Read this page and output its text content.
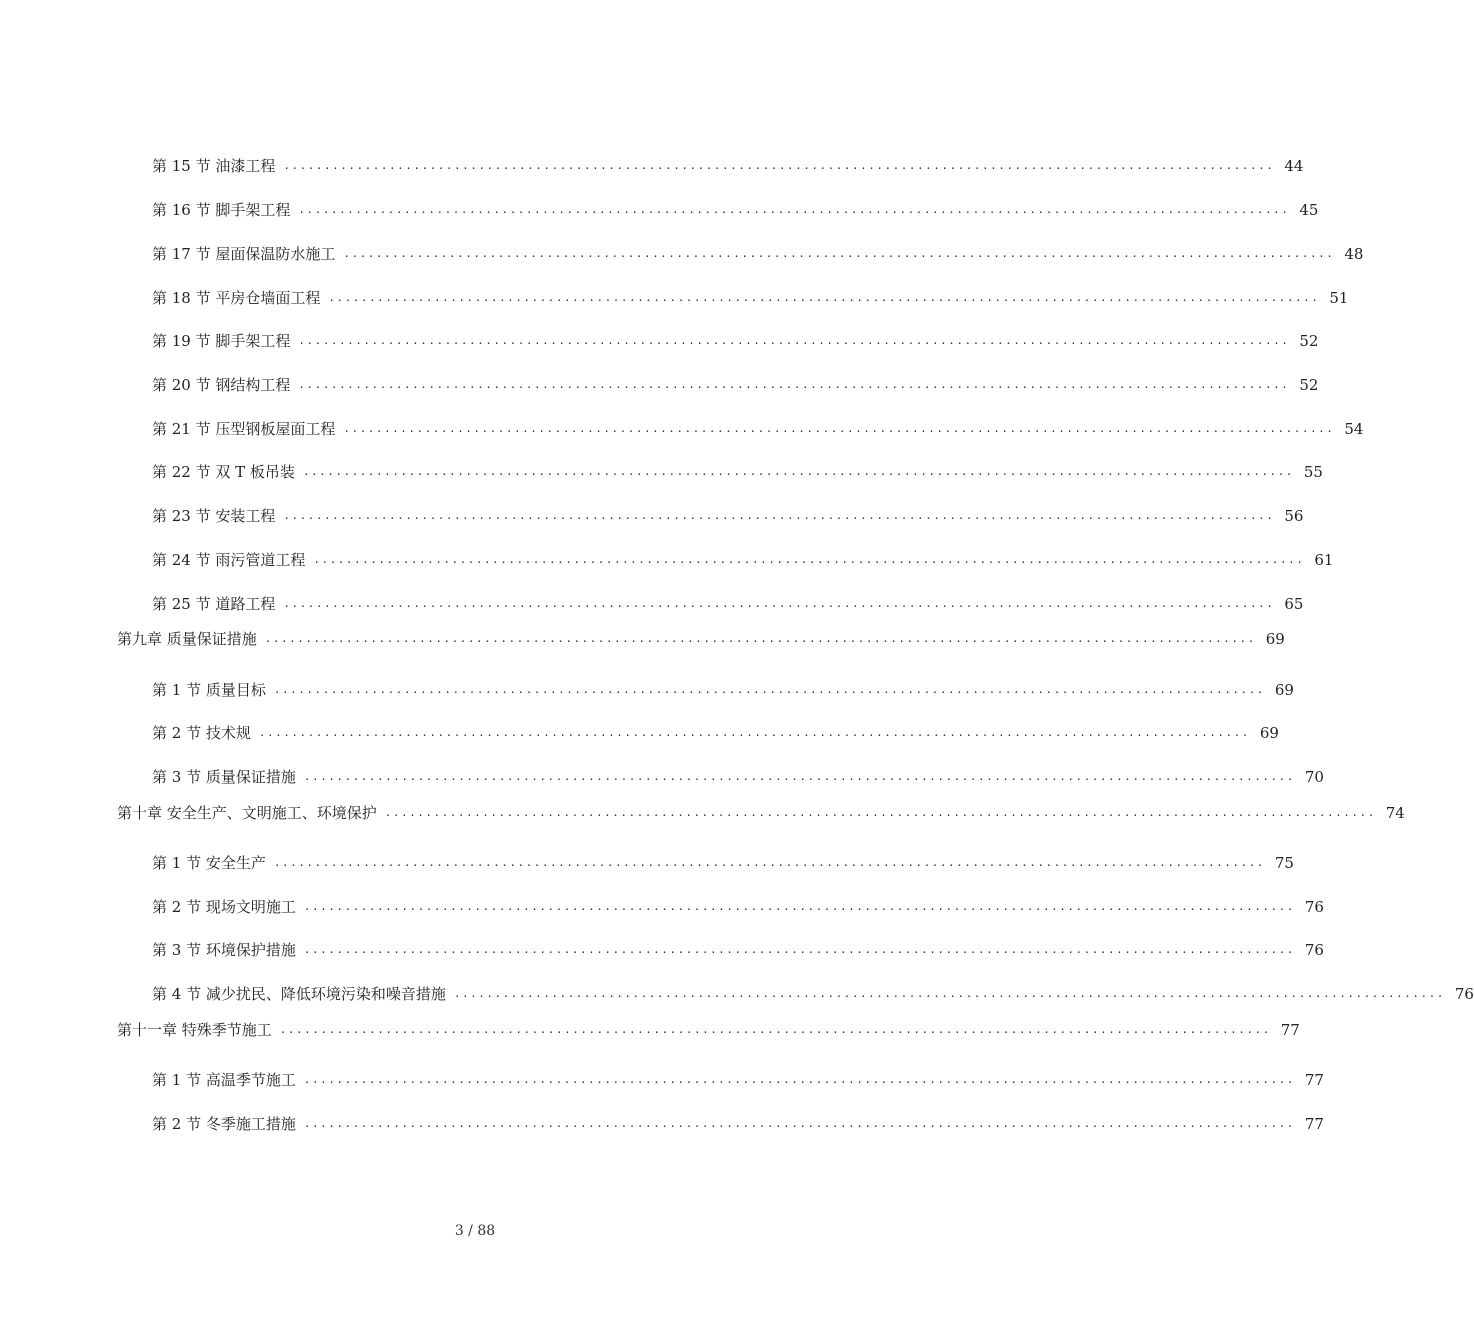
第 15 节 油漆工程 .......................................................................................................................... 44
第 16 节 脚手架工程 .......................................................................................................................... 45
第 17 节 屋面保温防水施工 .......................................................................................................................... 48
第 18 节 平房仓墙面工程 .......................................................................................................................... 51
第 19 节 脚手架工程 .......................................................................................................................... 52
第 20 节 钢结构工程 .......................................................................................................................... 52
第 21 节 压型钢板屋面工程 .......................................................................................................................... 54
第 22 节 双 T 板吊装 .......................................................................................................................... 55
第 23 节 安装工程 .......................................................................................................................... 56
第 24 节 雨污管道工程 .......................................................................................................................... 61
第 25 节 道路工程 .......................................................................................................................... 65
第九章 质量保证措施 .......................................................................................................................... 69
第 1 节 质量目标 .......................................................................................................................... 69
第 2 节 技术规 .......................................................................................................................... 69
第 3 节 质量保证措施 .......................................................................................................................... 70
第十章 安全生产、文明施工、环境保护 .......................................................................................................................... 74
第 1 节 安全生产 .......................................................................................................................... 75
第 2 节 现场文明施工 .......................................................................................................................... 76
第 3 节 环境保护措施 .......................................................................................................................... 76
第 4 节 减少扰民、降低环境污染和噪音措施 .......................................................................................................................... 76
第十一章 特殊季节施工 .......................................................................................................................... 77
第 1 节 高温季节施工 .......................................................................................................................... 77
第 2 节 冬季施工措施 .......................................................................................................................... 77
3 / 88
